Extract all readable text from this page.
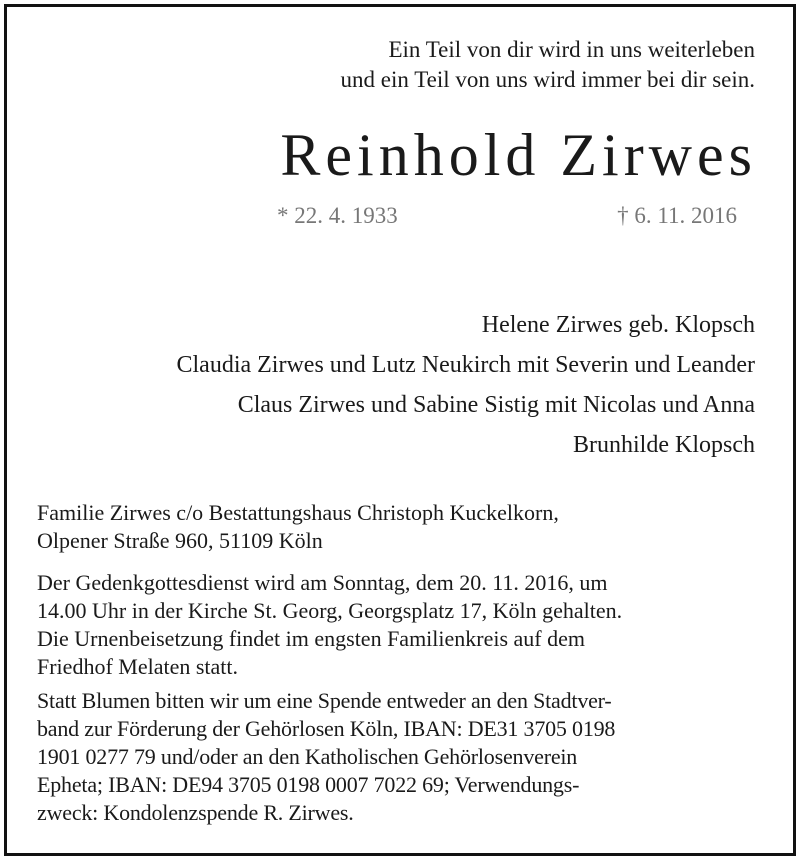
Ein Teil von dir wird in uns weiterleben
und ein Teil von uns wird immer bei dir sein.
Reinhold Zirwes
* 22. 4. 1933	† 6. 11. 2016
Helene Zirwes geb. Klopsch
Claudia Zirwes und Lutz Neukirch mit Severin und Leander
Claus Zirwes und Sabine Sistig mit Nicolas und Anna
Brunhilde Klopsch
Familie Zirwes c/o Bestattungshaus Christoph Kuckelkorn,
Olpener Straße 960, 51109 Köln
Der Gedenkgottesdienst wird am Sonntag, dem 20. 11. 2016, um
14.00 Uhr in der Kirche St. Georg, Georgsplatz 17, Köln gehalten.
Die Urnenbeisetzung findet im engsten Familienkreis auf dem
Friedhof Melaten statt.
Statt Blumen bitten wir um eine Spende entweder an den Stadtver-
band zur Förderung der Gehörlosen Köln, IBAN: DE31 3705 0198
1901 0277 79 und/oder an den Katholischen Gehörlosenverein
Epheta; IBAN: DE94 3705 0198 0007 7022 69; Verwendungs-
zweck: Kondolenzspende R. Zirwes.
